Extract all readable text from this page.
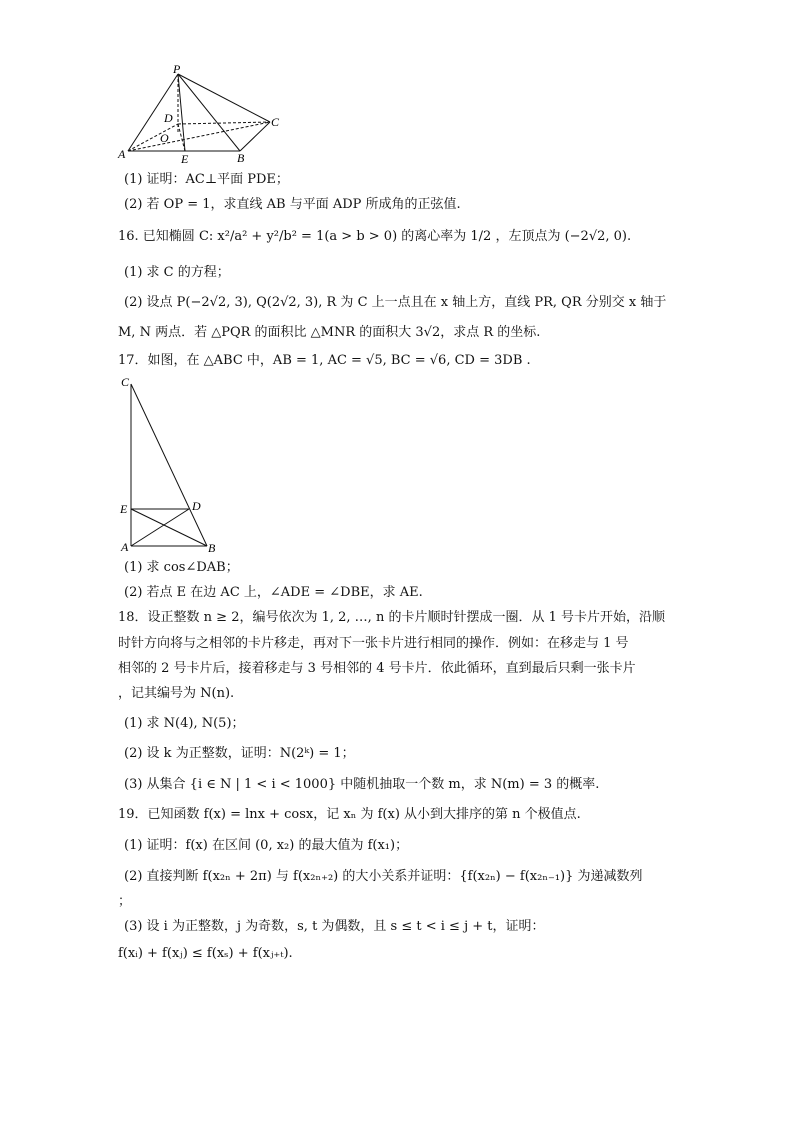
P
D
O
A	E	B
C
(1) 证明：AC⊥平面 PDE；
(2) 若 OP = 1，求直线 AB 与平面 ADP 所成角的正弦值.
16. 已知椭圆 C: x²/a² + y²/b² = 1(a > b > 0) 的离心率为 1/2 ，左顶点为 (−2√2, 0).
(1) 求 C 的方程；
(2) 设点 P(−2√2, 3), Q(2√2, 3), R 为 C 上一点且在 x 轴上方，直线 PR, QR 分别交 x 轴于
M, N 两点．若 △PQR 的面积比 △MNR 的面积大 3√2，求点 R 的坐标.
17．如图，在 △ABC 中，AB = 1, AC = √5, BC = √6, CD = 3DB .
C
E	D
A	B
(1) 求 cos∠DAB；
(2) 若点 E 在边 AC 上，∠ADE = ∠DBE，求 AE.
18．设正整数 n ≥ 2，编号依次为 1, 2, …, n 的卡片顺时针摆成一圈．从 1 号卡片开始，沿顺
时针方向将与之相邻的卡片移走，再对下一张卡片进行相同的操作．例如：在移走与 1 号
相邻的 2 号卡片后，接着移走与 3 号相邻的 4 号卡片．依此循环，直到最后只剩一张卡片
，记其编号为 N(n).
(1) 求 N(4), N(5)；
(2) 设 k 为正整数，证明：N(2ᵏ) = 1；
(3) 从集合 {i ∈ N | 1 < i < 1000} 中随机抽取一个数 m，求 N(m) = 3 的概率.
19．已知函数 f(x) = lnx + cosx，记 xₙ 为 f(x) 从小到大排序的第 n 个极值点.
(1) 证明：f(x) 在区间 (0, x₂) 的最大值为 f(x₁)；
(2) 直接判断 f(x₂ₙ + 2π) 与 f(x₂ₙ₊₂) 的大小关系并证明：{f(x₂ₙ) − f(x₂ₙ₋₁)} 为递减数列
；
(3) 设 i 为正整数，j 为奇数，s, t 为偶数，且 s ≤ t < i ≤ j + t，证明：
f(xᵢ) + f(xⱼ) ≤ f(xₛ) + f(xⱼ₊ₜ).
